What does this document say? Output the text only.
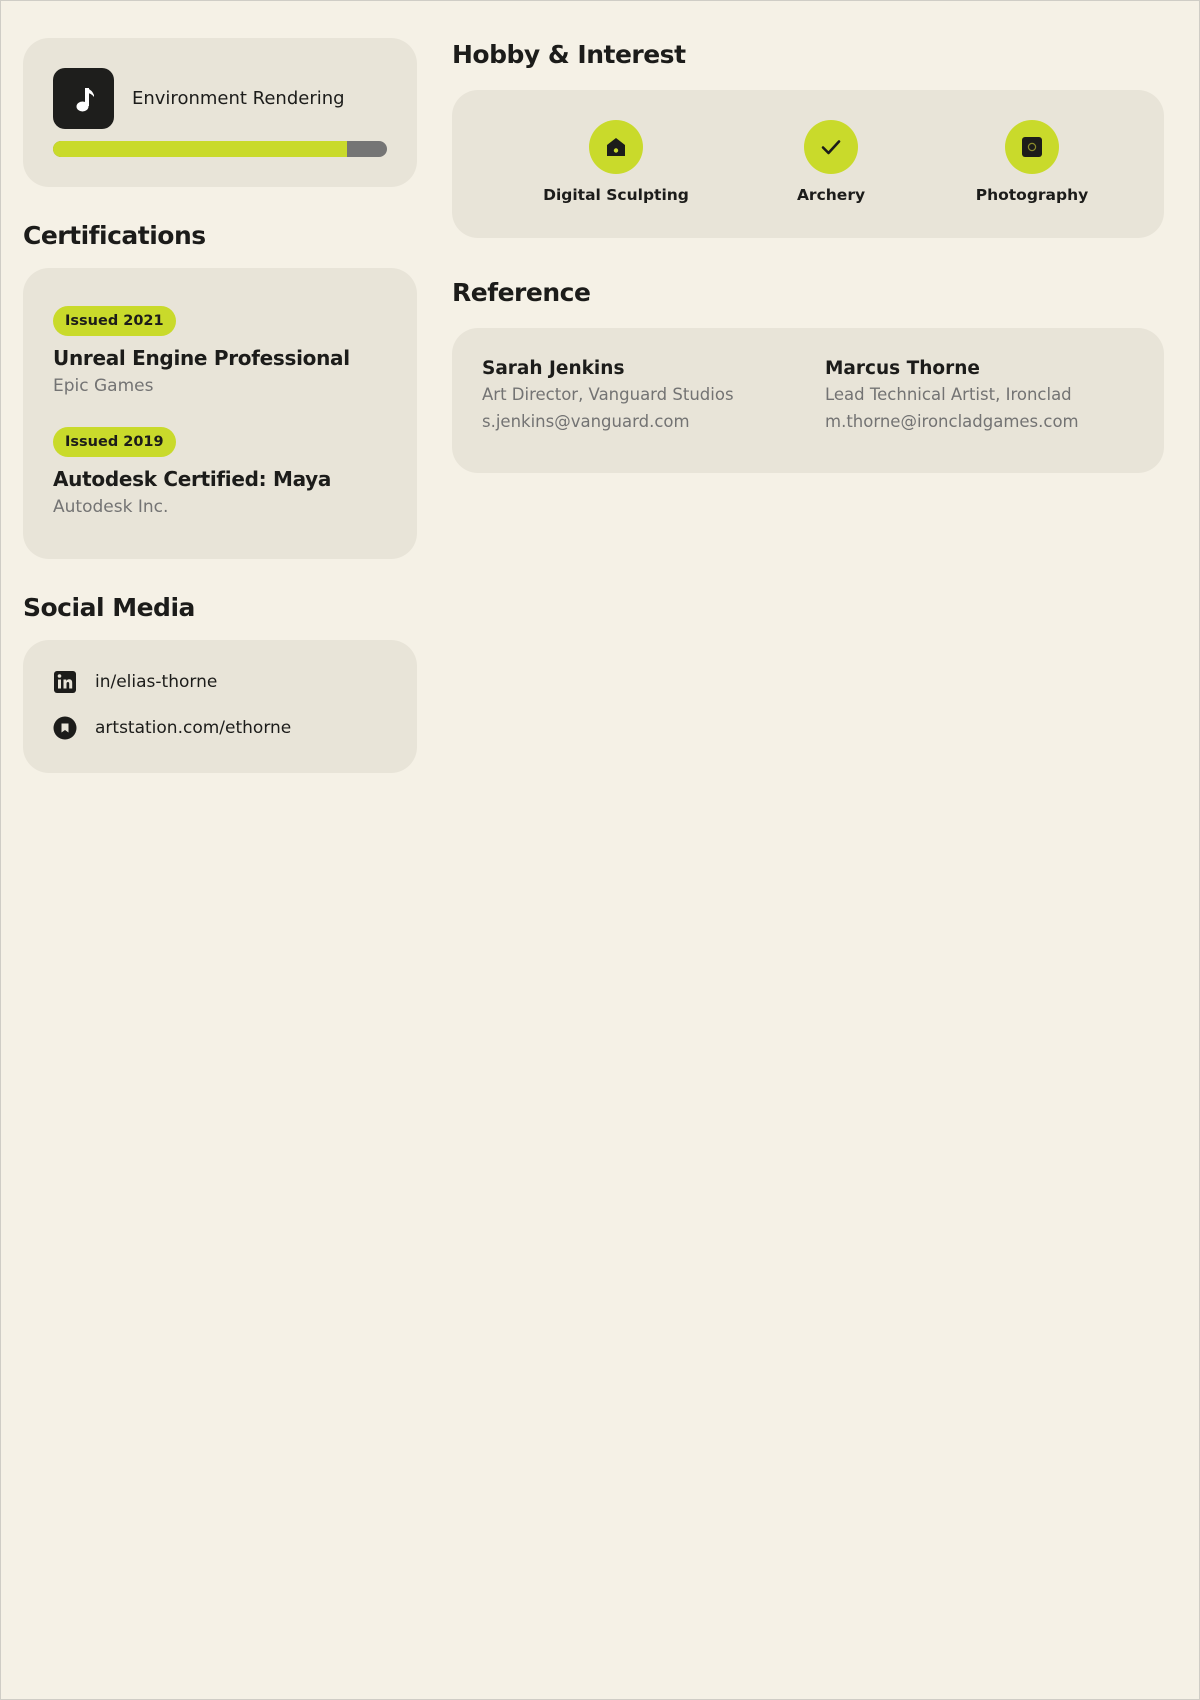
Environment Rendering
Certifications
Issued 2021
Unreal Engine Professional
Epic Games
Issued 2019
Autodesk Certified: Maya
Autodesk Inc.
Social Media
in/elias-thorne
artstation.com/ethorne
Hobby & Interest
Digital Sculpting	Archery	Photography
Reference
Sarah Jenkins
Art Director, Vanguard Studios
s.jenkins@vanguard.com
Marcus Thorne
Lead Technical Artist, Ironclad
m.thorne@ironcladgames.com
